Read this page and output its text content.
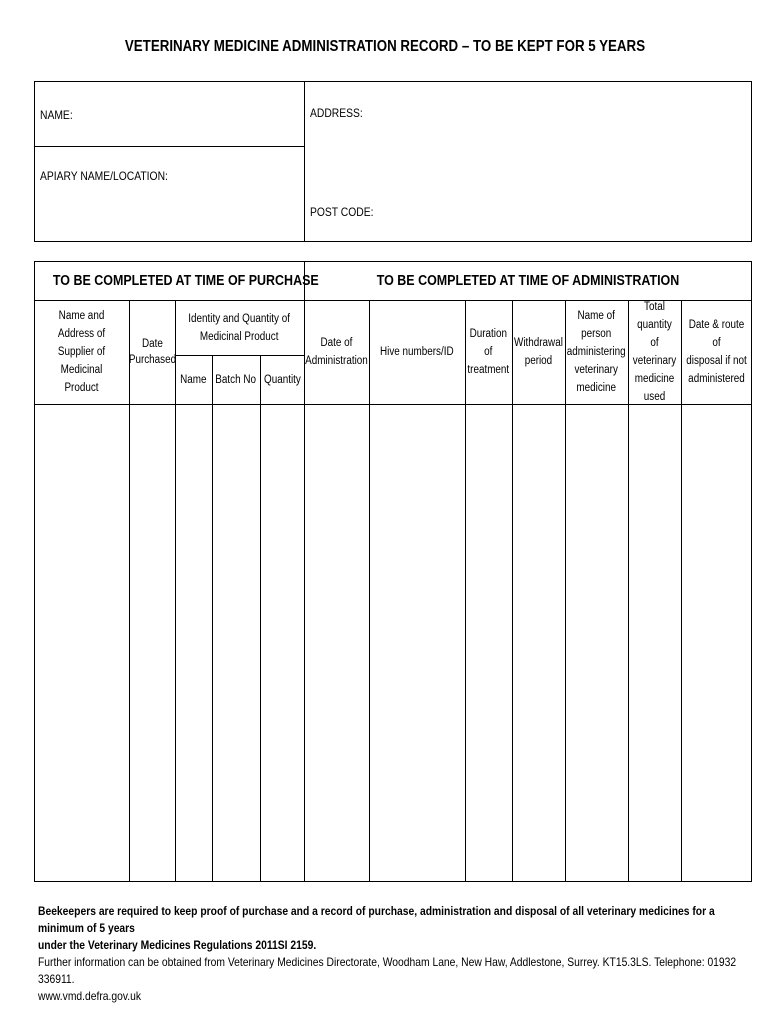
VETERINARY MEDICINE ADMINISTRATION RECORD – TO BE KEPT FOR 5 YEARS
NAME:	ADDRESS:
APIARY NAME/LOCATION:
POST CODE:
TO BE COMPLETED AT TIME OF PURCHASE	TO BE COMPLETED AT TIME OF ADMINISTRATION
Name and Address of
Supplier of Medicinal
Product
Date
Purchased
Identity and Quantity of
Medicinal Product
Name Batch No Quantity
Date of
Administration
Hive numbers/ID
Duration
of
treatment
Withdrawal
period
Name of
person
administering
veterinary
medicine
Total
quantity of
veterinary
medicine
used
Date & route of
disposal if not
administered
Beekeepers are required to keep proof of purchase and a record of purchase, administration and disposal of all veterinary medicines for a minimum of 5 years
under the Veterinary Medicines Regulations 2011SI 2159.
Further information can be obtained from Veterinary Medicines Directorate, Woodham Lane, New Haw, Addlestone, Surrey. KT15.3LS. Telephone: 01932 336911.
www.vmd.defra.gov.uk
